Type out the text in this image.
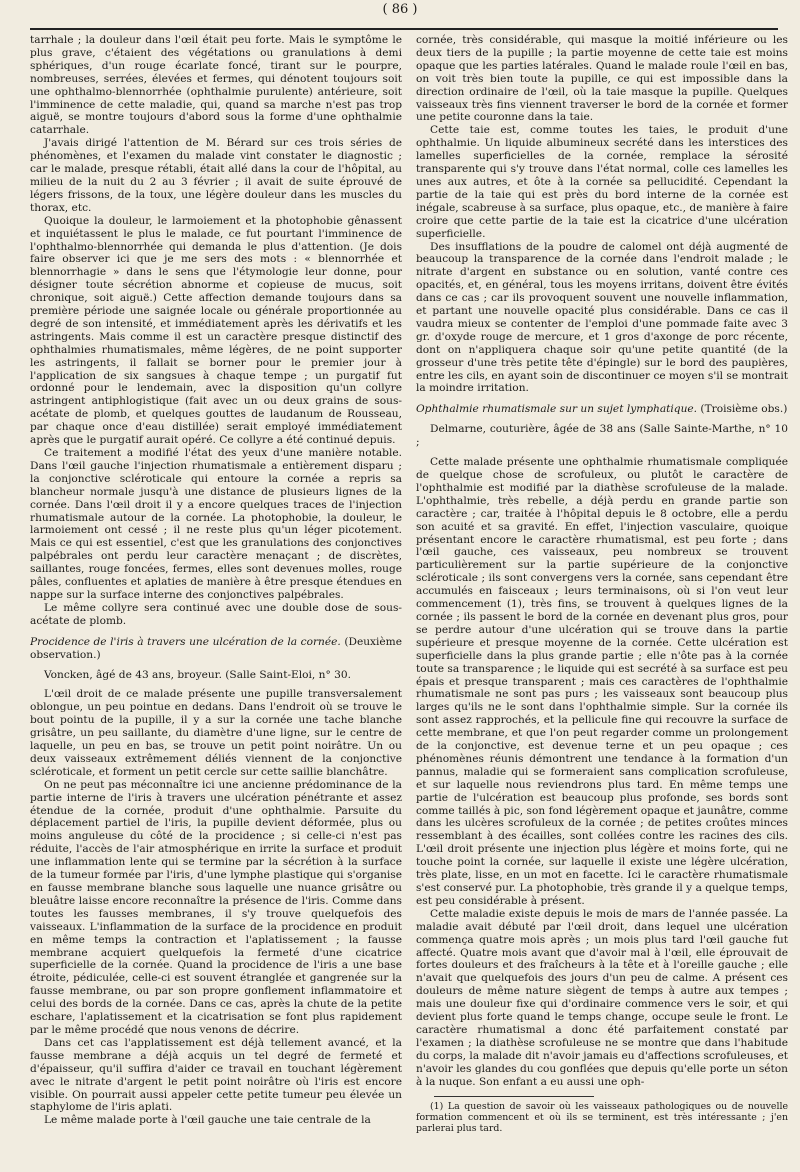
( 86 )

tarrhale ; la douleur dans l'œil était peu forte. Mais le symptôme le plus grave, c'étaient des végétations ou granulations à demi sphériques, d'un rouge écarlate foncé, tirant sur le pourpre, nombreuses, serrées, élevées et fermes, qui dénotent toujours soit une ophthalmo-blennorrhée (ophthalmie purulente) antérieure, soit l'imminence de cette maladie, qui, quand sa marche n'est pas trop aiguë, se montre toujours d'abord sous la forme d'une ophthalmie catarrhale.

J'avais dirigé l'attention de M. Bérard sur ces trois séries de phénomènes, et l'examen du malade vint constater le diagnostic ; car le malade, presque rétabli, était allé dans la cour de l'hôpital, au milieu de la nuit du 2 au 3 février ; il avait de suite éprouvé de légers frissons, de la toux, une légère douleur dans les muscles du thorax, etc.

Quoique la douleur, le larmoiement et la photophobie gênassent et inquiétassent le plus le malade, ce fut pourtant l'imminence de l'ophthalmo-blennorrhée qui demanda le plus d'attention. (Je dois faire observer ici que je me sers des mots : « blennorrhée et blennorrhagie » dans le sens que l'étymologie leur donne, pour désigner toute sécrétion abnorme et copieuse de mucus, soit chronique, soit aiguë.) Cette affection demande toujours dans sa première période une saignée locale ou générale proportionnée au degré de son intensité, et immédiatement après les dérivatifs et les astringents. Mais comme il est un caractère presque distinctif des ophthalmies rhumatismales, même légères, de ne point supporter les astringents, il fallait se borner pour le premier jour à l'application de six sangsues à chaque tempe ; un purgatif fut ordonné pour le lendemain, avec la disposition qu'un collyre astringent antiphlogistique (fait avec un ou deux grains de sous-acétate de plomb, et quelques gouttes de laudanum de Rousseau, par chaque once d'eau distillée) serait employé immédiatement après que le purgatif aurait opéré. Ce collyre a été continué depuis.

Ce traitement a modifié l'état des yeux d'une manière notable. Dans l'œil gauche l'injection rhumatismale a entièrement disparu ; la conjonctive scléroticale qui entoure la cornée a repris sa blancheur normale jusqu'à une distance de plusieurs lignes de la cornée. Dans l'œil droit il y a encore quelques traces de l'injection rhumatismale autour de la cornée. La photophobie, la douleur, le larmoiement ont cessé ; il ne reste plus qu'un léger picotement. Mais ce qui est essentiel, c'est que les granulations des conjonctives palpébrales ont perdu leur caractère menaçant ; de discrètes, saillantes, rouge foncées, fermes, elles sont devenues molles, rouge pâles, confluentes et aplaties de manière à être presque étendues en nappe sur la surface interne des conjonctives palpébrales.

Le même collyre sera continué avec une double dose de sous-acétate de plomb.

Procidence de l'iris à travers une ulcération de la cornée. (Deuxième observation.)

Voncken, âgé de 43 ans, broyeur. (Salle Saint-Eloi, n° 30.

L'œil droit de ce malade présente une pupille transversalement oblongue, un peu pointue en dedans. Dans l'endroit où se trouve le bout pointu de la pupille, il y a sur la cornée une tache blanche grisâtre, un peu saillante, du diamètre d'une ligne, sur le centre de laquelle, un peu en bas, se trouve un petit point noirâtre. Un ou deux vaisseaux extrêmement déliés viennent de la conjonctive scléroticale, et forment un petit cercle sur cette saillie blanchâtre.

On ne peut pas méconnaître ici une ancienne prédominance de la partie interne de l'iris à travers une ulcération pénétrante et assez étendue de la cornée, produit d'une ophthalmie. Parsuite du déplacement partiel de l'iris, la pupille devient déformée, plus ou moins anguleuse du côté de la procidence ; si celle-ci n'est pas réduite, l'accès de l'air atmosphérique en irrite la surface et produit une inflammation lente qui se termine par la sécrétion à la surface de la tumeur formée par l'iris, d'une lymphe plastique qui s'organise en fausse membrane blanche sous laquelle une nuance grisâtre ou bleuâtre laisse encore reconnaître la présence de l'iris. Comme dans toutes les fausses membranes, il s'y trouve quelquefois des vaisseaux. L'inflammation de la surface de la procidence en produit en même temps la contraction et l'aplatissement ; la fausse membrane acquiert quelquefois la fermeté d'une cicatrice superficielle de la cornée. Quand la procidence de l'iris a une base étroite, pédiculée, celle-ci est souvent étranglée et gangrenée sur la fausse membrane, ou par son propre gonflement inflammatoire et celui des bords de la cornée. Dans ce cas, après la chute de la petite eschare, l'aplatissement et la cicatrisation se font plus rapidement par le même procédé que nous venons de décrire.

Dans cet cas l'applatissement est déjà tellement avancé, et la fausse membrane a déjà acquis un tel degré de fermeté et d'épaisseur, qu'il suffira d'aider ce travail en touchant légèrement avec le nitrate d'argent le petit point noirâtre où l'iris est encore visible. On pourrait aussi appeler cette petite tumeur peu élevée un staphylome de l'iris aplati.

Le même malade porte à l'œil gauche une taie centrale de la

cornée, très considérable, qui masque la moitié inférieure ou les deux tiers de la pupille ; la partie moyenne de cette taie est moins opaque que les parties latérales. Quand le malade roule l'œil en bas, on voit très bien toute la pupille, ce qui est impossible dans la direction ordinaire de l'œil, où la taie masque la pupille. Quelques vaisseaux très fins viennent traverser le bord de la cornée et former une petite couronne dans la taie.

Cette taie est, comme toutes les taies, le produit d'une ophthalmie. Un liquide albumineux secrété dans les interstices des lamelles superficielles de la cornée, remplace la sérosité transparente qui s'y trouve dans l'état normal, colle ces lamelles les unes aux autres, et ôte à la cornée sa pellucidité. Cependant la partie de la taie qui est près du bord interne de la cornée est inégale, scabreuse à sa surface, plus opaque, etc., de manière à faire croire que cette partie de la taie est la cicatrice d'une ulcération superficielle.

Des insufflations de la poudre de calomel ont déjà augmenté de beaucoup la transparence de la cornée dans l'endroit malade ; le nitrate d'argent en substance ou en solution, vanté contre ces opacités, et, en général, tous les moyens irritans, doivent être évités dans ce cas ; car ils provoquent souvent une nouvelle inflammation, et partant une nouvelle opacité plus considérable. Dans ce cas il vaudra mieux se contenter de l'emploi d'une pommade faite avec 3 gr. d'oxyde rouge de mercure, et 1 gros d'axonge de porc récente, dont on n'appliquera chaque soir qu'une petite quantité (de la grosseur d'une très petite tête d'épingle) sur le bord des paupières, entre les cils, en ayant soin de discontinuer ce moyen s'il se montrait la moindre irritation.

Ophthalmie rhumatismale sur un sujet lymphatique. (Troisième obs.)

Delmarne, couturière, âgée de 38 ans (Salle Sainte-Marthe, n° 10 ;

Cette malade présente une ophthalmie rhumatismale compliquée de quelque chose de scrofuleux, ou plutôt le caractère de l'ophthalmie est modifié par la diathèse scrofuleuse de la malade. L'ophthalmie, très rebelle, a déjà perdu en grande partie son caractère ; car, traitée à l'hôpital depuis le 8 octobre, elle a perdu son acuité et sa gravité. En effet, l'injection vasculaire, quoique présentant encore le caractère rhumatismal, est peu forte ; dans l'œil gauche, ces vaisseaux, peu nombreux se trouvent particulièrement sur la partie supérieure de la conjonctive scléroticale ; ils sont convergens vers la cornée, sans cependant être accumulés en faisceaux ; leurs terminaisons, où si l'on veut leur commencement (1), très fins, se trouvent à quelques lignes de la cornée ; ils passent le bord de la cornée en devenant plus gros, pour se perdre autour d'une ulcération qui se trouve dans la partie supérieure et presque moyenne de la cornée. Cette ulcération est superficielle dans la plus grande partie ; elle n'ôte pas à la cornée toute sa transparence ; le liquide qui est secrété à sa surface est peu épais et presque transparent ; mais ces caractères de l'ophthalmie rhumatismale ne sont pas purs ; les vaisseaux sont beaucoup plus larges qu'ils ne le sont dans l'ophthalmie simple. Sur la cornée ils sont assez rapprochés, et la pellicule fine qui recouvre la surface de cette membrane, et que l'on peut regarder comme un prolongement de la conjonctive, est devenue terne et un peu opaque ; ces phénomènes réunis démontrent une tendance à la formation d'un pannus, maladie qui se formeraient sans complication scrofuleuse, et sur laquelle nous reviendrons plus tard. En même temps une partie de l'ulcération est beaucoup plus profonde, ses bords sont comme taillés à pic, son fond légèrement opaque et jaunâtre, comme dans les ulcères scrofuleux de la cornée ; de petites croûtes minces ressemblant à des écailles, sont collées contre les racines des cils. L'œil droit présente une injection plus légère et moins forte, qui ne touche point la cornée, sur laquelle il existe une légère ulcération, très plate, lisse, en un mot en facette. Ici le caractère rhumatismale s'est conservé pur. La photophobie, très grande il y a quelque temps, est peu considérable à présent.

Cette maladie existe depuis le mois de mars de l'année passée. La maladie avait débuté par l'œil droit, dans lequel une ulcération commença quatre mois après ; un mois plus tard l'œil gauche fut affecté. Quatre mois avant que d'avoir mal à l'œil, elle éprouvait de fortes douleurs et des fraîcheurs à la tête et à l'oreille gauche ; elle n'avait que quelquefois des jours d'un peu de calme. A présent ces douleurs de même nature siègent de temps à autre aux tempes ; mais une douleur fixe qui d'ordinaire commence vers le soir, et qui devient plus forte quand le temps change, occupe seule le front. Le caractère rhumatismal a donc été parfaitement constaté par l'examen ; la diathèse scrofuleuse ne se montre que dans l'habitude du corps, la malade dit n'avoir jamais eu d'affections scrofuleuses, et n'avoir les glandes du cou gonflées que depuis qu'elle porte un séton à la nuque. Son enfant a eu aussi une oph-

(1) La question de savoir où les vaisseaux pathologiques ou de nouvelle formation commencent et où ils se terminent, est très intéressante ; j'en parlerai plus tard.
